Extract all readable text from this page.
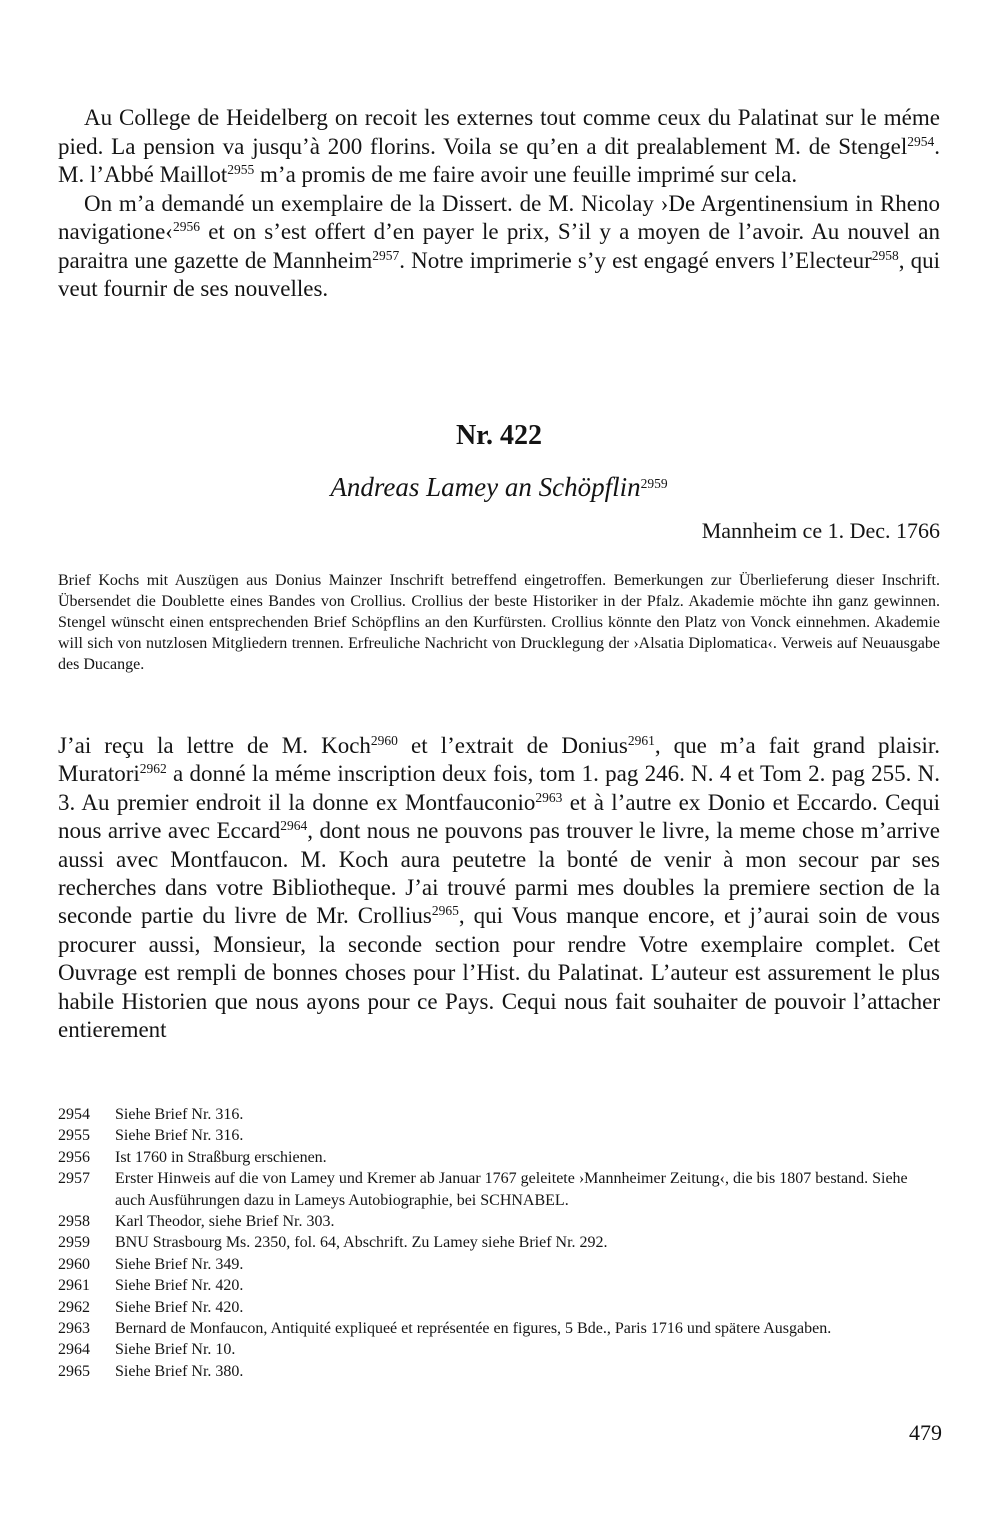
Au College de Heidelberg on recoit les externes tout comme ceux du Palatinat sur le méme pied. La pension va jusqu’à 200 florins. Voila se qu’en a dit prealablement M. de Stengel$^{2954}$. M. l’Abbé Maillot$^{2955}$ m’a promis de me faire avoir une feuille imprimé sur cela.

On m’a demandé un exemplaire de la Dissert. de M. Nicolay ›De Argentinensium in Rheno navigatione‹$^{2956}$ et on s’est offert d’en payer le prix, S’il y a moyen de l’avoir. Au nouvel an paraitra une gazette de Mannheim$^{2957}$. Notre imprimerie s’y est engagé envers l’Electeur$^{2958}$, qui veut fournir de ses nouvelles.

Nr. 422

Andreas Lamey an Schöpflin$^{2959}$

Mannheim ce 1. Dec. 1766

Brief Kochs mit Auszügen aus Donius Mainzer Inschrift betreffend eingetroffen. Bemerkungen zur Überlieferung dieser Inschrift. Übersendet die Doublette eines Bandes von Crollius. Crollius der beste Historiker in der Pfalz. Akademie möchte ihn ganz gewinnen. Stengel wünscht einen entsprechenden Brief Schöpflins an den Kurfürsten. Crollius könnte den Platz von Vonck einnehmen. Akademie will sich von nutzlosen Mitgliedern trennen. Erfreuliche Nachricht von Drucklegung der ›Alsatia Diplomatica‹. Verweis auf Neuausgabe des Ducange.

J’ai reçu la lettre de M. Koch$^{2960}$ et l’extrait de Donius$^{2961}$, que m’a fait grand plaisir. Muratori$^{2962}$ a donné la méme inscription deux fois, tom 1. pag 246. N. 4 et Tom 2. pag 255. N. 3. Au premier endroit il la donne ex Montfauconio$^{2963}$ et à l’autre ex Donio et Eccardo. Cequi nous arrive avec Eccard$^{2964}$, dont nous ne pouvons pas trouver le livre, la meme chose m’arrive aussi avec Montfaucon. M. Koch aura peutetre la bonté de venir à mon secour par ses recherches dans votre Bibliotheque. J’ai trouvé parmi mes doubles la premiere section de la seconde partie du livre de Mr. Crollius$^{2965}$, qui Vous manque encore, et j’aurai soin de vous procurer aussi, Monsieur, la seconde section pour rendre Votre exemplaire complet. Cet Ouvrage est rempli de bonnes choses pour l’Hist. du Palatinat. L’auteur est assurement le plus habile Historien que nous ayons pour ce Pays. Cequi nous fait souhaiter de pouvoir l’attacher entierement

2954	Siehe Brief Nr. 316.
2955	Siehe Brief Nr. 316.
2956	Ist 1760 in Straßburg erschienen.
2957	Erster Hinweis auf die von Lamey und Kremer ab Januar 1767 geleitete ›Mannheimer Zeitung‹, die bis 1807 bestand. Siehe auch Ausführungen dazu in Lameys Autobiographie, bei SCHNABEL.
2958	Karl Theodor, siehe Brief Nr. 303.
2959	BNU Strasbourg Ms. 2350, fol. 64, Abschrift. Zu Lamey siehe Brief Nr. 292.
2960	Siehe Brief Nr. 349.
2961	Siehe Brief Nr. 420.
2962	Siehe Brief Nr. 420.
2963	Bernard de Monfaucon, Antiquité expliqueé et représentée en figures, 5 Bde., Paris 1716 und spätere Ausgaben.
2964	Siehe Brief Nr. 10.
2965	Siehe Brief Nr. 380.

479
